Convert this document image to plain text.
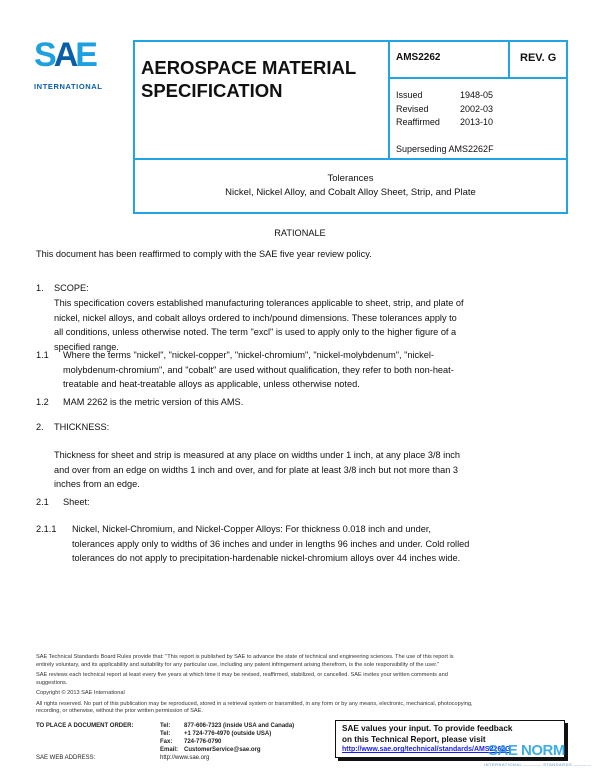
SAE
INTERNATIONAL
AEROSPACE MATERIAL
SPECIFICATION
AMS2262	REV. G
Issued	1948-05
Revised	2002-03
Reaffirmed 2013-10
Superseding AMS2262F
Tolerances
Nickel, Nickel Alloy, and Cobalt Alloy Sheet, Strip, and Plate
RATIONALE
This document has been reaffirmed to comply with the SAE five year review policy.
1. SCOPE:
This specification covers established manufacturing tolerances applicable to sheet, strip, and plate of
nickel, nickel alloys, and cobalt alloys ordered to inch/pound dimensions. These tolerances apply to
all conditions, unless otherwise noted. The term "excl" is used to apply only to the higher figure of a
specified range.
1.1 Where the terms "nickel", "nickel-copper", "nickel-chromium", "nickel-molybdenum", "nickel-
molybdenum-chromium", and "cobalt" are used without qualification, they refer to both non-heat-
treatable and heat-treatable alloys as applicable, unless otherwise noted.
1.2 MAM 2262 is the metric version of this AMS.
2. THICKNESS:
Thickness for sheet and strip is measured at any place on widths under 1 inch, at any place 3/8 inch
and over from an edge on widths 1 inch and over, and for plate at least 3/8 inch but not more than 3
inches from an edge.
2.1 Sheet:
2.1.1 Nickel, Nickel-Chromium, and Nickel-Copper Alloys: For thickness 0.018 inch and under,
tolerances apply only to widths of 36 inches and under in lengths 96 inches and under. Cold rolled
tolerances do not apply to precipitation-hardenable nickel-chromium alloys over 44 inches wide.
SAE Technical Standards Board Rules provide that: "This report is published by SAE to advance the state of technical and engineering sciences. The use of this report is
entirely voluntary, and its applicability and suitability for any particular use, including any patent infringement arising therefrom, is the sole responsibility of the user."
SAE reviews each technical report at least every five years at which time it may be revised, reaffirmed, stabilized, or cancelled. SAE invites your written comments and
suggestions.
Copyright © 2013 SAE International
All rights reserved. No part of this publication may be reproduced, stored in a retrieval system or transmitted, in any form or by any means, electronic, mechanical, photocopying,
recording, or otherwise, without the prior written permission of SAE.
TO PLACE A DOCUMENT ORDER:	Tel: 877-606-7323 (inside USA and Canada)
Tel: +1 724-776-4970 (outside USA)
Fax: 724-776-0790
Email: CustomerService@sae.org
SAE WEB ADDRESS:	http://www.sae.org
SAE values your input. To provide feedback
on this Technical Report, please visit
http://www.sae.org/technical/standards/AMS2262G
SAE NORM
INTERNATIONAL ———— STANDARDS ————
